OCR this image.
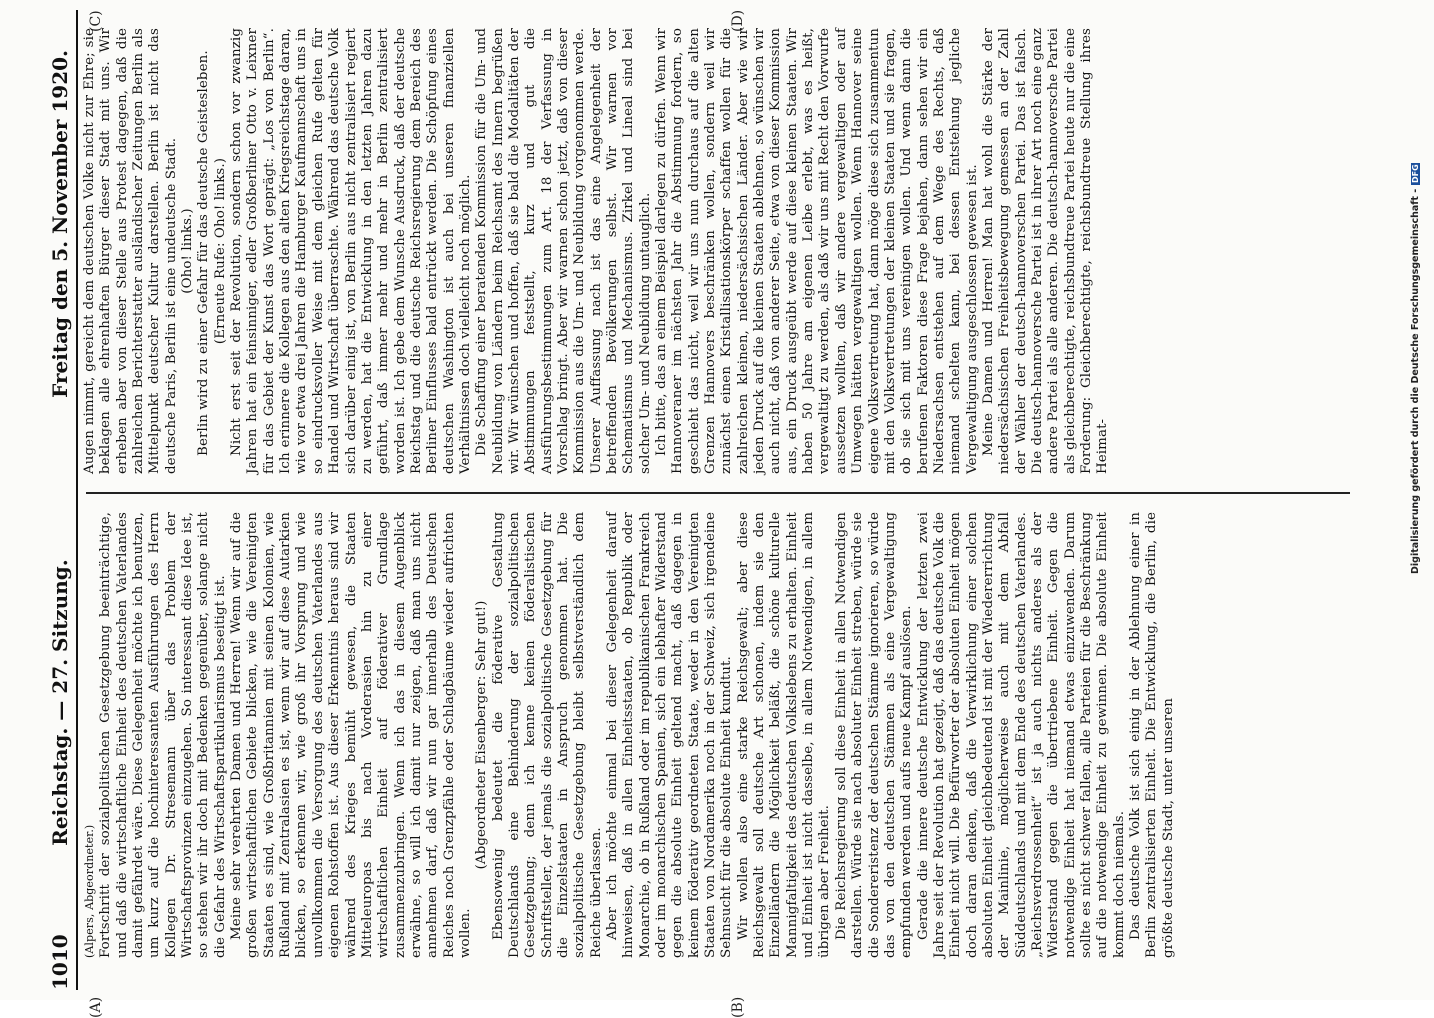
1010
Reichstag. — 27. Sitzung.
Freitag den 5. November 1920.
(A)	(B)
(C)	(D)

(Alpers, Abgeordneter.) Fortschritt der sozialpolitischen Gesetzgebung beeinträchtige, und daß die wirtschaftliche Einheit des deutschen Vaterlandes damit gefährdet wäre. Diese Gelegenheit möchte ich benutzen, um kurz auf die hochinteressanten Ausführungen des Herrn Kollegen Dr. Stresemann über das Problem der Wirtschaftsprovinzen einzugehen. So interessant diese Idee ist, so stehen wir ihr doch mit Bedenken gegenüber, solange nicht die Gefahr des Wirtschaftspartikularismus beseitigt ist. Meine sehr verehrten Damen und Herren! Wenn wir auf die großen wirtschaftlichen Gebiete blicken, wie die Vereinigten Staaten es sind, wie Großbritannien mit seinen Kolonien, wie Rußland mit Zentralasien es ist, wenn wir auf diese Autarkien blicken, so erkennen wir, wie groß ihr Vorsprung und wie unvollkommen die Versorgung des deutschen Vaterlandes aus eigenen Rohstoffen ist. Aus dieser Erkenntnis heraus sind wir während des Krieges bemüht gewesen, die Staaten Mitteleuropas bis nach Vorderasien hin zu einer wirtschaftlichen Einheit auf föderativer Grundlage zusammenzubringen. Wenn ich das in diesem Augenblick erwähne, so will ich damit nur zeigen, daß man uns nicht annehmen darf, daß wir nun gar innerhalb des Deutschen Reiches noch Grenzpfähle oder Schlagbäume wieder aufrichten wollen.

(Abgeordneter Eisenberger: Sehr gut!) Ebensowenig bedeutet die föderative Gestaltung Deutschlands eine Behinderung der sozialpolitischen Gesetzgebung; denn ich kenne keinen föderalistischen Schriftsteller, der jemals die sozialpolitische Gesetzgebung für die Einzelstaaten in Anspruch genommen hat. Die sozialpolitische Gesetzgebung bleibt selbstverständlich dem Reiche überlassen. Aber ich möchte einmal bei dieser Gelegenheit darauf hinweisen, daß in allen Einheitsstaaten, ob Republik oder Monarchie, ob in Rußland oder im republikanischen Frankreich oder im monarchischen Spanien, sich ein lebhafter Widerstand gegen die absolute Einheit geltend macht, daß dagegen in keinem föderativ geordneten Staate, weder in den Vereinigten Staaten von Nordamerika noch in der Schweiz, sich irgendeine Sehnsucht für die absolute Einheit kundtut. Wir wollen also eine starke Reichsgewalt; aber diese Reichsgewalt soll deutsche Art schonen, indem sie den Einzelländern die Möglichkeit beläßt, die schöne kulturelle Mannigfaltigkeit des deutschen Volkslebens zu erhalten. Einheit und Einheit ist nicht dasselbe, in allem Notwendigen, in allem übrigen aber Freiheit. Die Reichsregierung soll diese Einheit in allen Notwendigen darstellen. Würde sie nach absoluter Einheit streben, würde sie die Sondereristenz der deutschen Stämme ignorieren, so würde das von den deutschen Stämmen als eine Vergewaltigung empfunden werden und aufs neue Kampf auslösen. Gerade die innere deutsche Entwicklung der letzten zwei Jahre seit der Revolution hat gezeigt, daß das deutsche Volk die Einheit nicht will. Die Befürworter der absoluten Einheit mögen doch daran denken, daß die Verwirklichung einer solchen absoluten Einheit gleichbedeutend ist mit der Wiedererrichtung der Mainlinie, möglicherweise auch mit dem Abfall Süddeutschlands und mit dem Ende des deutschen Vaterlandes. „Reichsverdrossenheit“ ist ja auch nichts anderes als der Widerstand gegen die übertriebene Einheit. Gegen die notwendige Einheit hat niemand etwas einzuwenden. Darum sollte es nicht schwer fallen, alle Parteien für die Beschränkung auf die notwendige Einheit zu gewinnen. Die absolute Einheit kommt doch niemals. Das deutsche Volk ist sich einig in der Ablehnung einer in Berlin zentralisierten Einheit. Die Entwicklung, die Berlin, die größte deutsche Stadt, unter unseren

Augen nimmt, gereicht dem deutschen Volke nicht zur Ehre; sie beklagen alle ehrenhaften Bürger dieser Stadt mit uns. Wir erheben aber von dieser Stelle aus Protest dagegen, daß die zahlreichen Berichterstatter ausländischer Zeitungen Berlin als Mittelpunkt deutscher Kultur darstellen. Berlin ist nicht das deutsche Paris, Berlin ist eine undeutsche Stadt. (Oho! links.) Berlin wird zu einer Gefahr für das deutsche Geistesleben. (Erneute Rufe: Oho! links.) Nicht erst seit der Revolution, sondern schon vor zwanzig Jahren hat ein feinsinniger, edler Großberliner Otto v. Leixner für das Gebiet der Kunst das Wort geprägt: „Los von Berlin“. Ich erinnere die Kollegen aus den alten Kriegsreichstage daran, wie vor etwa drei Jahren die Hamburger Kaufmannschaft uns in so eindrucksvoller Weise mit dem gleichen Rufe gelten für Handel und Wirtschaft überraschte. Während das deutsche Volk sich darüber einig ist, von Berlin aus nicht zentralisiert regiert zu werden, hat die Entwicklung in den letzten Jahren dazu geführt, daß immer mehr und mehr in Berlin zentralisiert worden ist. Ich gebe dem Wunsche Ausdruck, daß der deutsche Reichstag und die deutsche Reichsregierung dem Bereich des Berliner Einflusses bald entrückt werden. Die Schöpfung eines deutschen Washington ist auch bei unseren finanziellen Verhältnissen doch vielleicht noch möglich. Die Schaffung einer beratenden Kommission für die Um- und Neubildung von Ländern beim Reichsamt des Innern begrüßen wir. Wir wünschen und hoffen, daß sie bald die Modalitäten der Abstimmungen feststellt, kurz und gut die Ausführungsbestimmungen zum Art. 18 der Verfassung in Vorschlag bringt. Aber wir warnen schon jetzt, daß von dieser Kommission aus die Um- und Neubildung vorgenommen werde. Unserer Auffassung nach ist das eine Angelegenheit der betreffenden Bevölkerungen selbst. Wir warnen vor Schematismus und Mechanismus. Zirkel und Lineal sind bei solcher Um- und Neubildung untauglich. Ich bitte, das an einem Beispiel darlegen zu dürfen. Wenn wir Hannoveraner im nächsten Jahr die Abstimmung fordern, so geschieht das nicht, weil wir uns nun durchaus auf die alten Grenzen Hannovers beschränken wollen, sondern weil wir zunächst einen Kristallisationskörper schaffen wollen für die zahlreichen kleinen, niedersächsischen Länder. Aber wie wir jeden Druck auf die kleinen Staaten ablehnen, so wünschen wir auch nicht, daß von anderer Seite, etwa von dieser Kommission aus, ein Druck ausgeübt werde auf diese kleinen Staaten. Wir haben 50 Jahre am eigenen Leibe erlebt, was es heißt, vergewaltigt zu werden, als daß wir uns mit Recht den Vorwurfe aussetzen wollten, daß wir andere vergewaltigen oder auf Umwegen hätten vergewaltigen wollen. Wenn Hannover seine eigene Volksvertretung hat, dann möge diese sich zusammentun mit den Volksvertretungen der kleinen Staaten und sie fragen, ob sie sich mit uns vereinigen wollen. Und wenn dann die berufenen Faktoren diese Frage bejahen, dann sehen wir ein Niedersachsen entstehen auf dem Wege des Rechts, daß niemand schelten kann, bei dessen Entstehung jegliche Vergewaltigung ausgeschlossen gewesen ist. Meine Damen und Herren! Man hat wohl die Stärke der niedersächsischen Freiheitsbewegung gemessen an der Zahl der Wähler der deutsch-hannoverschen Partei. Das ist falsch. Die deutsch-hannoversche Partei ist in ihrer Art noch eine ganz andere Partei als alle anderen. Die deutsch-hannoversche Partei als gleichberechtigte, reichsbundtreue Partei heute nur die eine Forderung: Gleichberechtigte, reichsbundtreue Stellung ihres Heimat-	Digitalisierung gefördert durch die Deutsche Forschungsgemeinschaft - DFG
